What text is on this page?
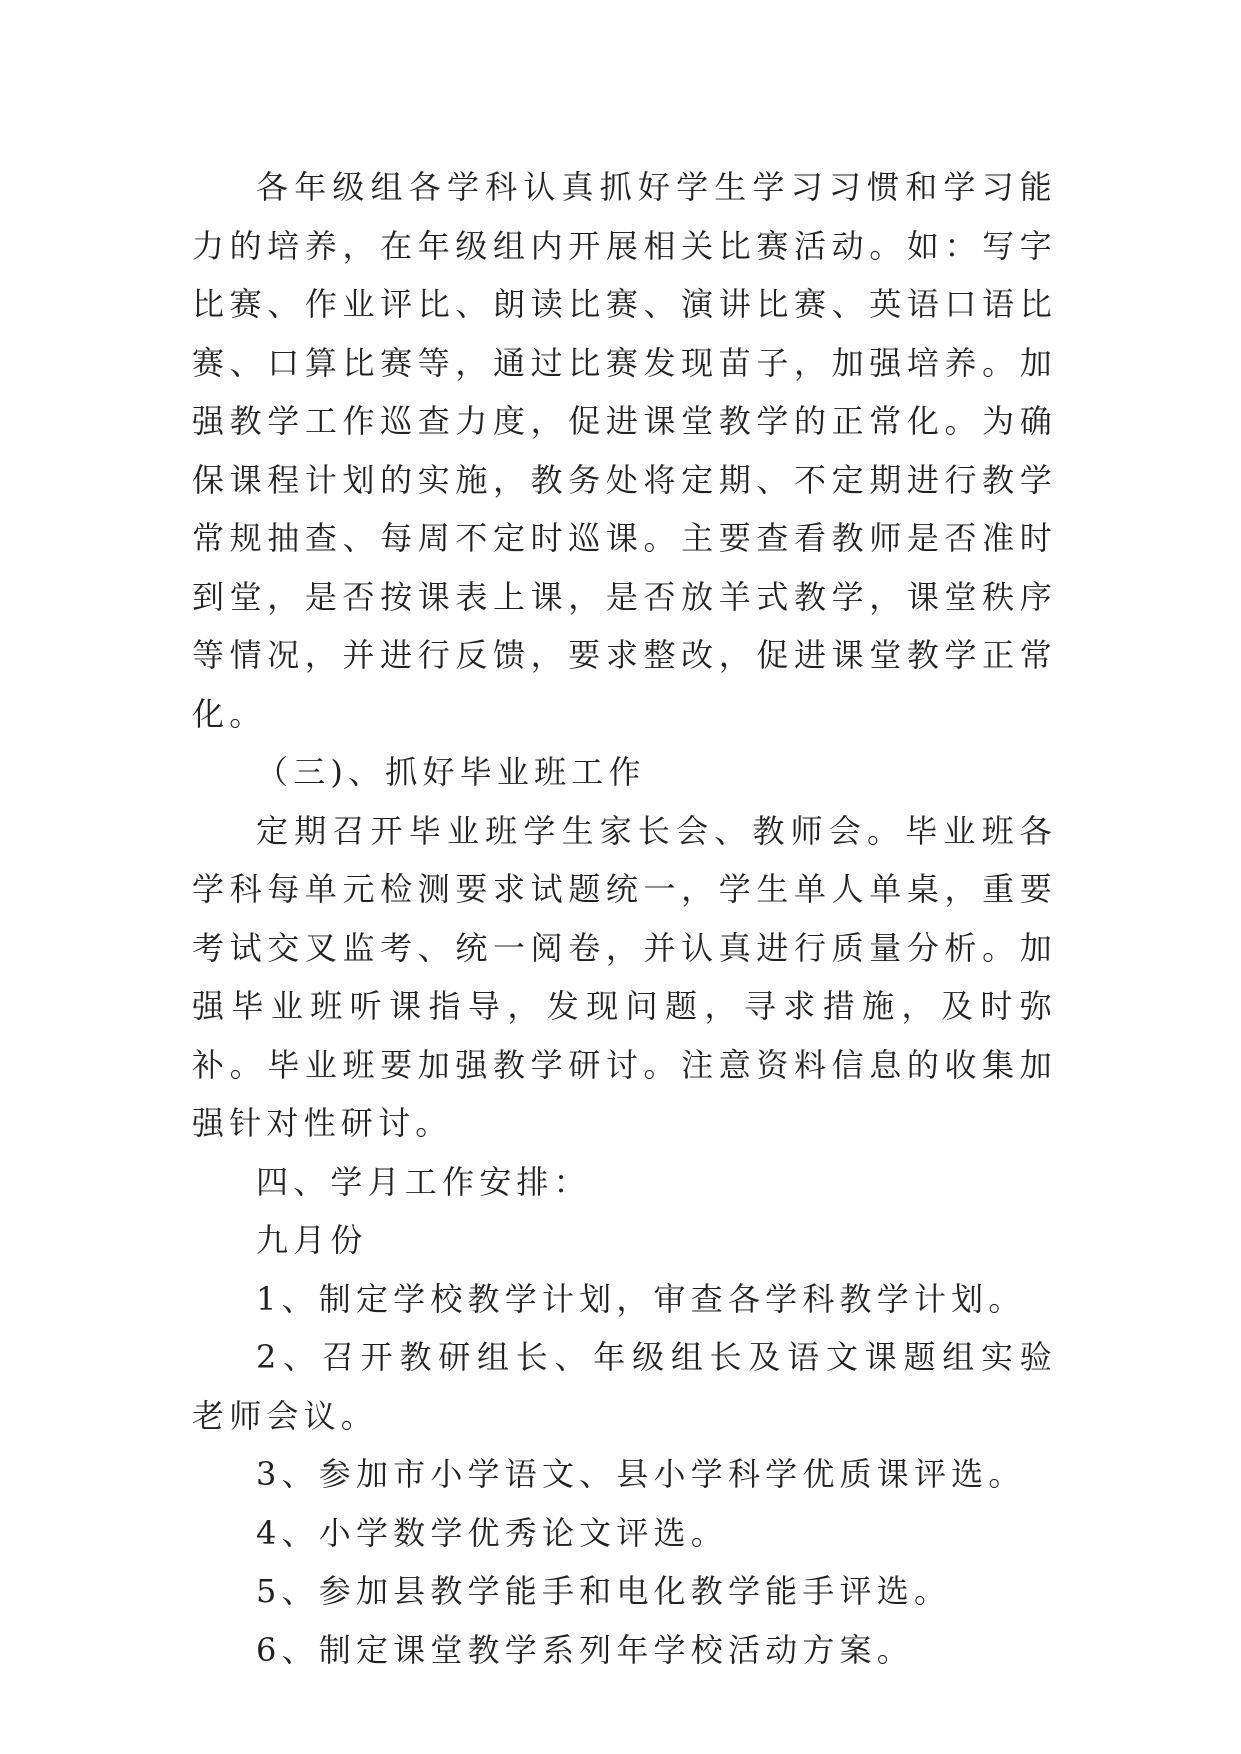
各年级组各学科认真抓好学生学习习惯和学习能力的培养，在年级组内开展相关比赛活动。如：写字比赛、作业评比、朗读比赛、演讲比赛、英语口语比赛、口算比赛等，通过比赛发现苗子，加强培养。加强教学工作巡查力度，促进课堂教学的正常化。为确保课程计划的实施，教务处将定期、不定期进行教学常规抽查、每周不定时巡课。主要查看教师是否准时到堂，是否按课表上课，是否放羊式教学，课堂秩序等情况，并进行反馈，要求整改，促进课堂教学正常化。

（三)、抓好毕业班工作

定期召开毕业班学生家长会、教师会。毕业班各学科每单元检测要求试题统一，学生单人单桌，重要考试交叉监考、统一阅卷，并认真进行质量分析。加强毕业班听课指导，发现问题，寻求措施，及时弥补。毕业班要加强教学研讨。注意资料信息的收集加强针对性研讨。

四、学月工作安排：

九月份

1、制定学校教学计划，审查各学科教学计划。

2、召开教研组长、年级组长及语文课题组实验老师会议。

3、参加市小学语文、县小学科学优质课评选。

4、小学数学优秀论文评选。

5、参加县教学能手和电化教学能手评选。

6、制定课堂教学系列年学校活动方案。
